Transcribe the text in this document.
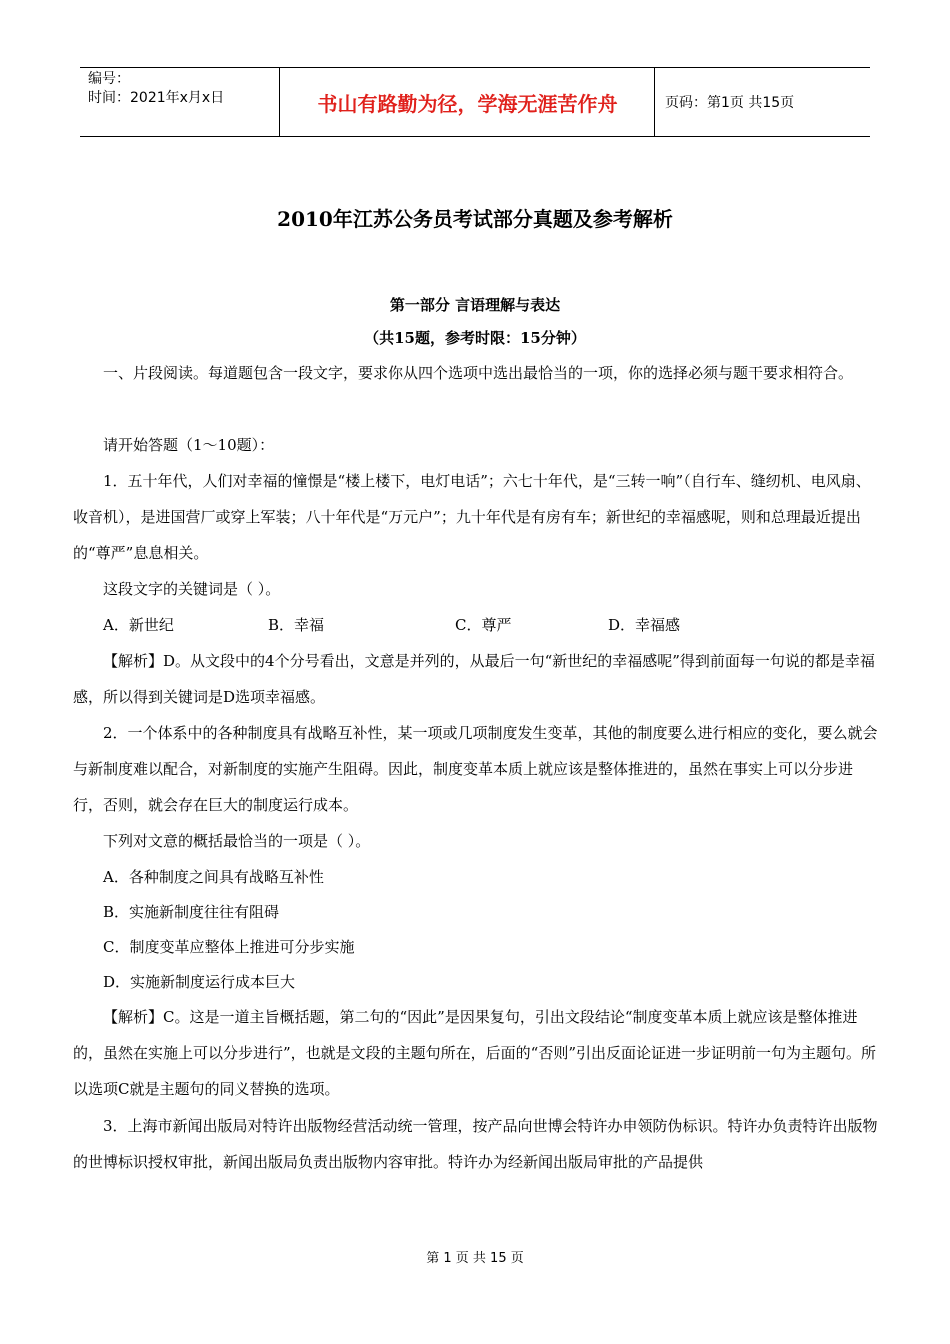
编号：
时间：2021年x月x日	书山有路勤为径，学海无涯苦作舟	页码：第1页 共15页
2010年江苏公务员考试部分真题及参考解析
第一部分 言语理解与表达
（共15题，参考时限：15分钟）

一、片段阅读。每道题包含一段文字，要求你从四个选项中选出最恰当的一项，你的选择必须与题干要求相符合。

请开始答题（1～10题）：

1．五十年代，人们对幸福的憧憬是“楼上楼下，电灯电话”；六七十年代，是“三转一响”（自行车、缝纫机、电风扇、收音机），是进国营厂或穿上军装；八十年代是“万元户”；九十年代是有房有车；新世纪的幸福感呢，则和总理最近提出的“尊严”息息相关。

这段文字的关键词是（ ）。
A．新世纪	B．幸福	C．尊严	D．幸福感

【解析】D。从文段中的4个分号看出，文意是并列的，从最后一句“新世纪的幸福感呢”得到前面每一句说的都是幸福感，所以得到关键词是D选项幸福感。

2．一个体系中的各种制度具有战略互补性，某一项或几项制度发生变革，其他的制度要么进行相应的变化，要么就会与新制度难以配合，对新制度的实施产生阻碍。因此，制度变革本质上就应该是整体推进的，虽然在事实上可以分步进行，否则，就会存在巨大的制度运行成本。

下列对文意的概括最恰当的一项是（ ）。
A．各种制度之间具有战略互补性
B．实施新制度往往有阻碍
C．制度变革应整体上推进可分步实施
D．实施新制度运行成本巨大

【解析】C。这是一道主旨概括题，第二句的“因此”是因果复句，引出文段结论“制度变革本质上就应该是整体推进的，虽然在实施上可以分步进行”，也就是文段的主题句所在，后面的“否则”引出反面论证进一步证明前一句为主题句。所以选项C就是主题句的同义替换的选项。

3．上海市新闻出版局对特许出版物经营活动统一管理，按产品向世博会特许办申领防伪标识。特许办负责特许出版物的世博标识授权审批，新闻出版局负责出版物内容审批。特许办为经新闻出版局审批的产品提供

第 1 页 共 15 页
